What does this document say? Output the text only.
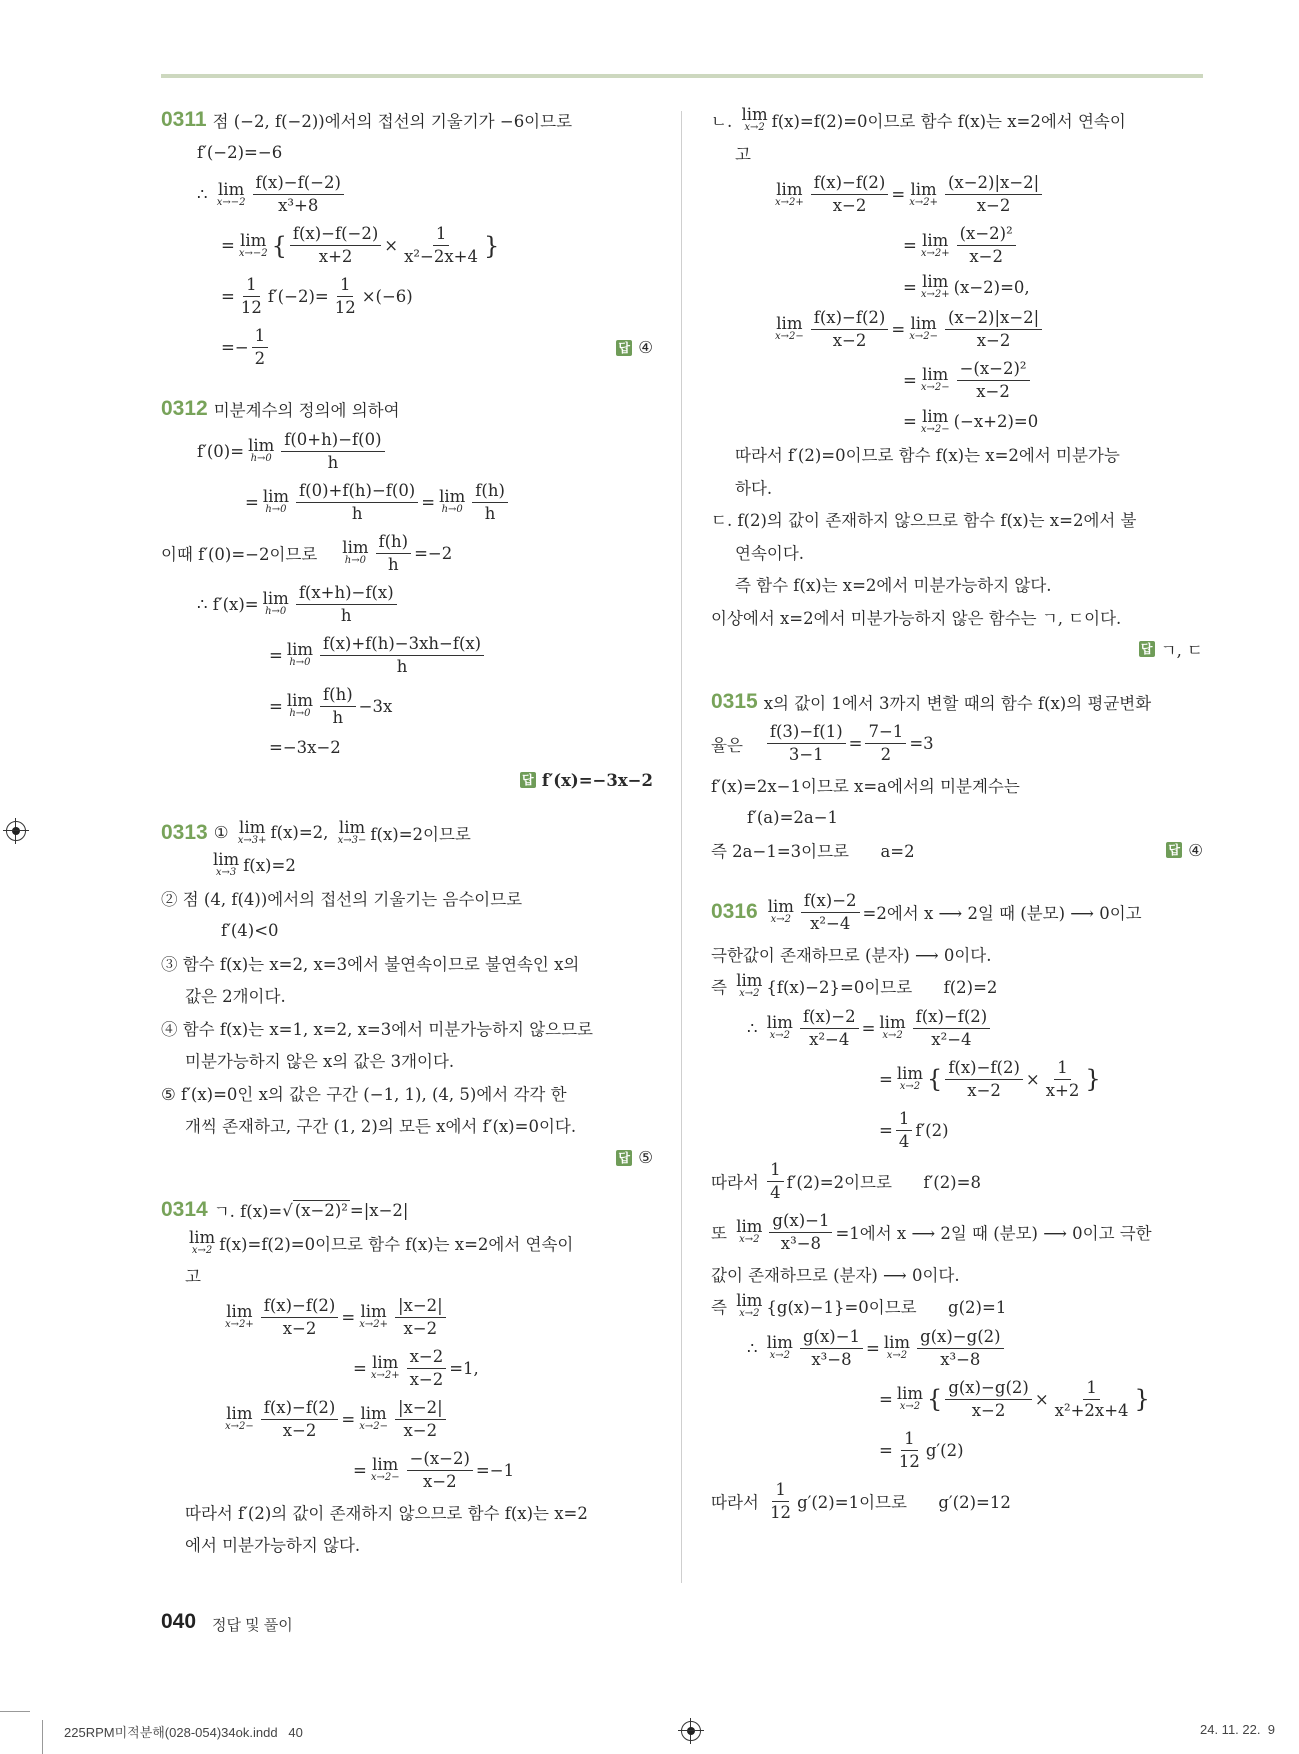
0311 점 (−2, f(−2))에서의 접선의 기울기가 −6이므로
f′(−2)=−6
∴ lim
$x\to-2 \frac{f(x)-f(-2)}{\text{x³+8}}$
= lim
x→−2 { $\frac{f(x)-f(-2)}{x+2} \times \frac{1}{\text{x²−2x+4}}$ }
= $\frac{1}{12} f'(-2)= \frac{1}{12} \times(-6)$
=− $\frac{1}{2}$	답 ④
0312 미분계수의 정의에 의하여
f′(0)= lim
$h\to 0 \frac{f(0+h)-f(0)}{h}$
= lim
$h\to 0 \frac{f(0)+f(h)-f(0)}{h} = \lim$
$h\to 0 \frac{f(h)}{h}$
이때 f′(0)=−2이므로 lim
$h\to 0 \frac{f(h)}{h} =-2$
∴ f′(x)= lim
$h\to 0 \frac{f(x+h)-f(x)}{h}$
= lim
$h\to 0 \frac{f(x)+f(h)-3xh-f(x)}{h}$
= lim
$h\to 0 \frac{f(h)}{h} -3x$
=−3x−2
답 f′(x)=−3x−2
0313 ① lim
x→3+ f(x)=2, lim
x→3− f(x)=2이므로
lim
x→3 f(x)=2
② 점 (4, f(4))에서의 접선의 기울기는 음수이므로
f′(4)<0
③ 함수 f(x)는 x=2, x=3에서 불연속이므로 불연속인 x의
값은 2개이다.
④ 함수 f(x)는 x=1, x=2, x=3에서 미분가능하지 않으므로
미분가능하지 않은 x의 값은 3개이다.
⑤ f′(x)=0인 x의 값은 구간 (−1, 1), (4, 5)에서 각각 한
개씩 존재하고, 구간 (1, 2)의 모든 x에서 f′(x)=0이다.
답 ⑤
0314 ㄱ. f(x)= √ (x−2)² =|x−2|
lim
x→2 f(x)=f(2)=0이므로 함수 f(x)는 x=2에서 연속이
고
lim
$x\to 2+ \frac{f(x)-f(2)}{x-2} = \lim$
$x\to 2+ \frac{|x-2|}{x-2}$
= lim
$x\to 2+ \frac{x-2}{x-2} =1$,
lim
$x\to 2- \frac{f(x)-f(2)}{x-2} = \lim$
$x\to 2- \frac{|x-2|}{x-2}$
= lim
$x\to 2- \frac{-(x-2)}{x-2} =-1$
따라서 f′(2)의 값이 존재하지 않으므로 함수 f(x)는 x=2
에서 미분가능하지 않다.
ㄴ. lim
x→2 f(x)=f(2)=0이므로 함수 f(x)는 x=2에서 연속이
고
lim
$x\to 2+ \frac{f(x)-f(2)}{x-2} = \lim$
$x\to 2+ \frac{(x-2)|x-2|}{x-2}$
= lim
$x\to 2+ \frac{\text{(x−2)²}}{x-2}$
= lim
x→2+ (x−2)=0,
lim
$x\to 2- \frac{f(x)-f(2)}{x-2} = \lim$
$x\to 2- \frac{(x-2)|x-2|}{x-2}$
= lim
$x\to 2- \frac{\text{−(x−2)²}}{x-2}$
= lim
x→2− (−x+2)=0
따라서 f′(2)=0이므로 함수 f(x)는 x=2에서 미분가능
하다.
ㄷ. f(2)의 값이 존재하지 않으므로 함수 f(x)는 x=2에서 불
연속이다.
즉 함수 f(x)는 x=2에서 미분가능하지 않다.
이상에서 x=2에서 미분가능하지 않은 함수는 ㄱ, ㄷ이다.
답 ㄱ, ㄷ
0315 x의 값이 1에서 3까지 변할 때의 함수 f(x)의 평균변화
율은 $\frac{f(3)-f(1)}{3-1} = \frac{7-1}{2} =3$
f′(x)=2x−1이므로 x=a에서의 미분계수는
f′(a)=2a−1
즉 2a−1=3이므로      a=2	답 ④
0316 lim
$x\to 2 \frac{f(x)-2}{\text{x²−4}} =2$에서 x ⟶ 2일 때 (분모) ⟶ 0이고
극한값이 존재하므로 (분자) ⟶ 0이다.
즉 lim
x→2 {f(x)−2}=0이므로      f(2)=2
∴ lim
$x\to 2 \frac{f(x)-2}{\text{x²−4}} = \lim$
$x\to 2 \frac{f(x)-f(2)}{\text{x²−4}}$
= lim
x→2 { $\frac{f(x)-f(2)}{x-2} \times \frac{1}{x+2}$ }
= $\frac{1}{4} f'(2)$
따라서 $\frac{1}{4} f'(2)=2$이므로      f′(2)=8
또 lim
$x\to 2 \frac{g(x)-1}{\text{x³−8}} =1$에서 x ⟶ 2일 때 (분모) ⟶ 0이고 극한
값이 존재하므로 (분자) ⟶ 0이다.
즉 lim
x→2 {g(x)−1}=0이므로      g(2)=1
∴ lim
$x\to 2 \frac{g(x)-1}{\text{x³−8}} = \lim$
$x\to 2 \frac{g(x)-g(2)}{\text{x³−8}}$
= lim
x→2 { $\frac{g(x)-g(2)}{x-2} \times \frac{1}{\text{x²+2x+4}}$ }
= $\frac{1}{12} g'(2)$
따라서 $\frac{1}{12} g'(2)=1$이므로      g′(2)=12
040 정답 및 풀이
225RPM미적분해(028-054)34ok.indd   40	24. 11. 22.  9
